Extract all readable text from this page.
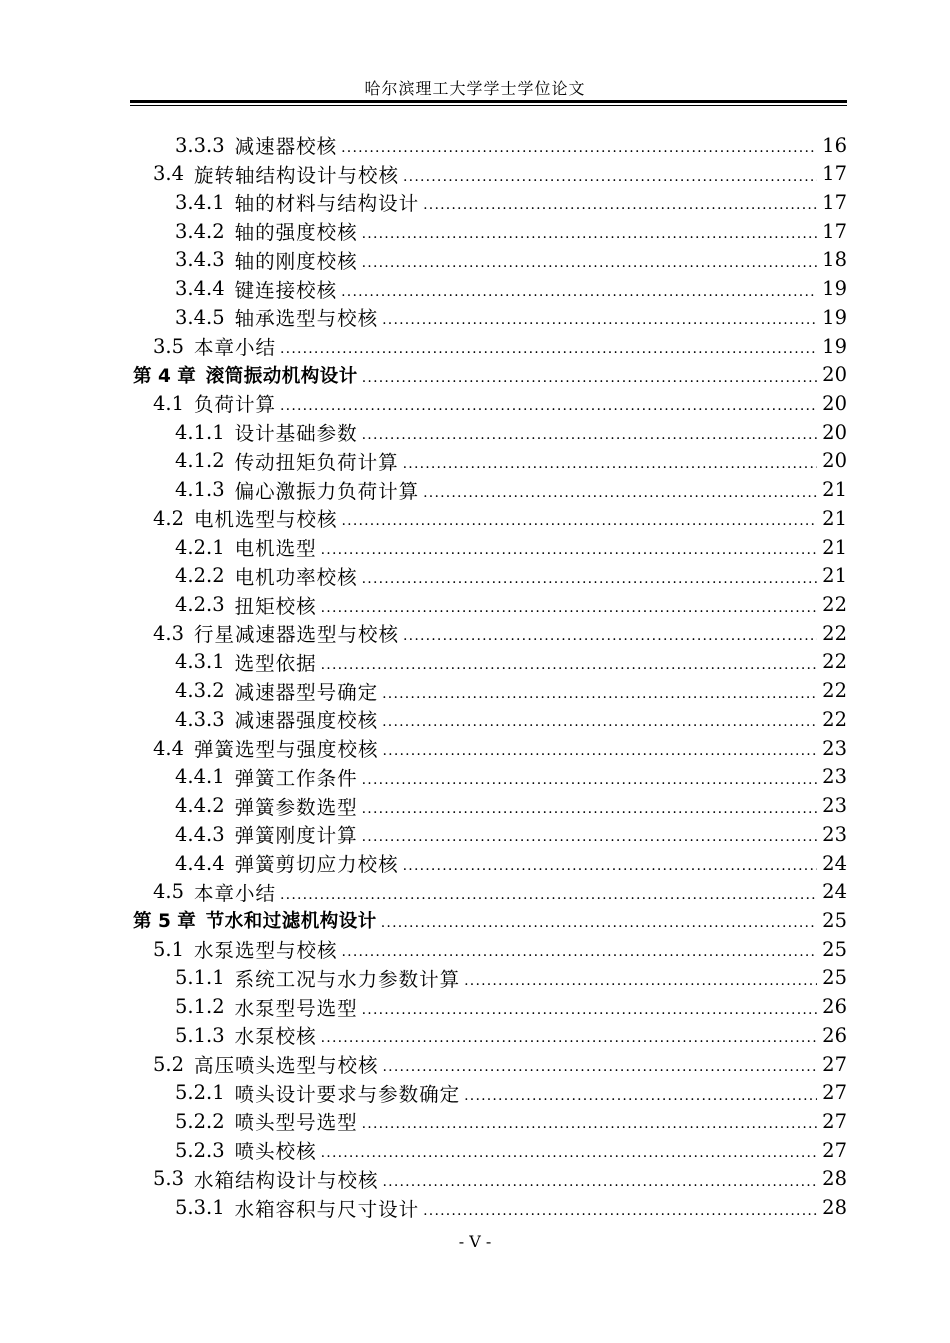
哈尔滨理工大学学士学位论文
3.3.3 减速器校核 .....	16
3.4 旋转轴结构设计与校核 .....	17
3.4.1 轴的材料与结构设计 .....	17
3.4.2 轴的强度校核 .....	17
3.4.3 轴的刚度校核 .....	18
3.4.4 键连接校核 .....	19
3.4.5 轴承选型与校核 .....	19
3.5 本章小结 .....	19
第 4 章 滚筒振动机构设计 .....	20
4.1 负荷计算 .....	20
4.1.1 设计基础参数 .....	20
4.1.2 传动扭矩负荷计算 .....	20
4.1.3 偏心激振力负荷计算 .....	21
4.2 电机选型与校核 .....	21
4.2.1 电机选型 .....	21
4.2.2 电机功率校核 .....	21
4.2.3 扭矩校核 .....	22
4.3 行星减速器选型与校核 .....	22
4.3.1 选型依据 .....	22
4.3.2 减速器型号确定 .....	22
4.3.3 减速器强度校核 .....	22
4.4 弹簧选型与强度校核 .....	23
4.4.1 弹簧工作条件 .....	23
4.4.2 弹簧参数选型 .....	23
4.4.3 弹簧刚度计算 .....	23
4.4.4 弹簧剪切应力校核 .....	24
4.5 本章小结 .....	24
第 5 章 节水和过滤机构设计 .....	25
5.1 水泵选型与校核 .....	25
5.1.1 系统工况与水力参数计算 .....	25
5.1.2 水泵型号选型 .....	26
5.1.3 水泵校核 .....	26
5.2 高压喷头选型与校核 .....	27
5.2.1 喷头设计要求与参数确定 .....	27
5.2.2 喷头型号选型 .....	27
5.2.3 喷头校核 .....	27
5.3 水箱结构设计与校核 .....	28
5.3.1 水箱容积与尺寸设计 .....	28
- V -
